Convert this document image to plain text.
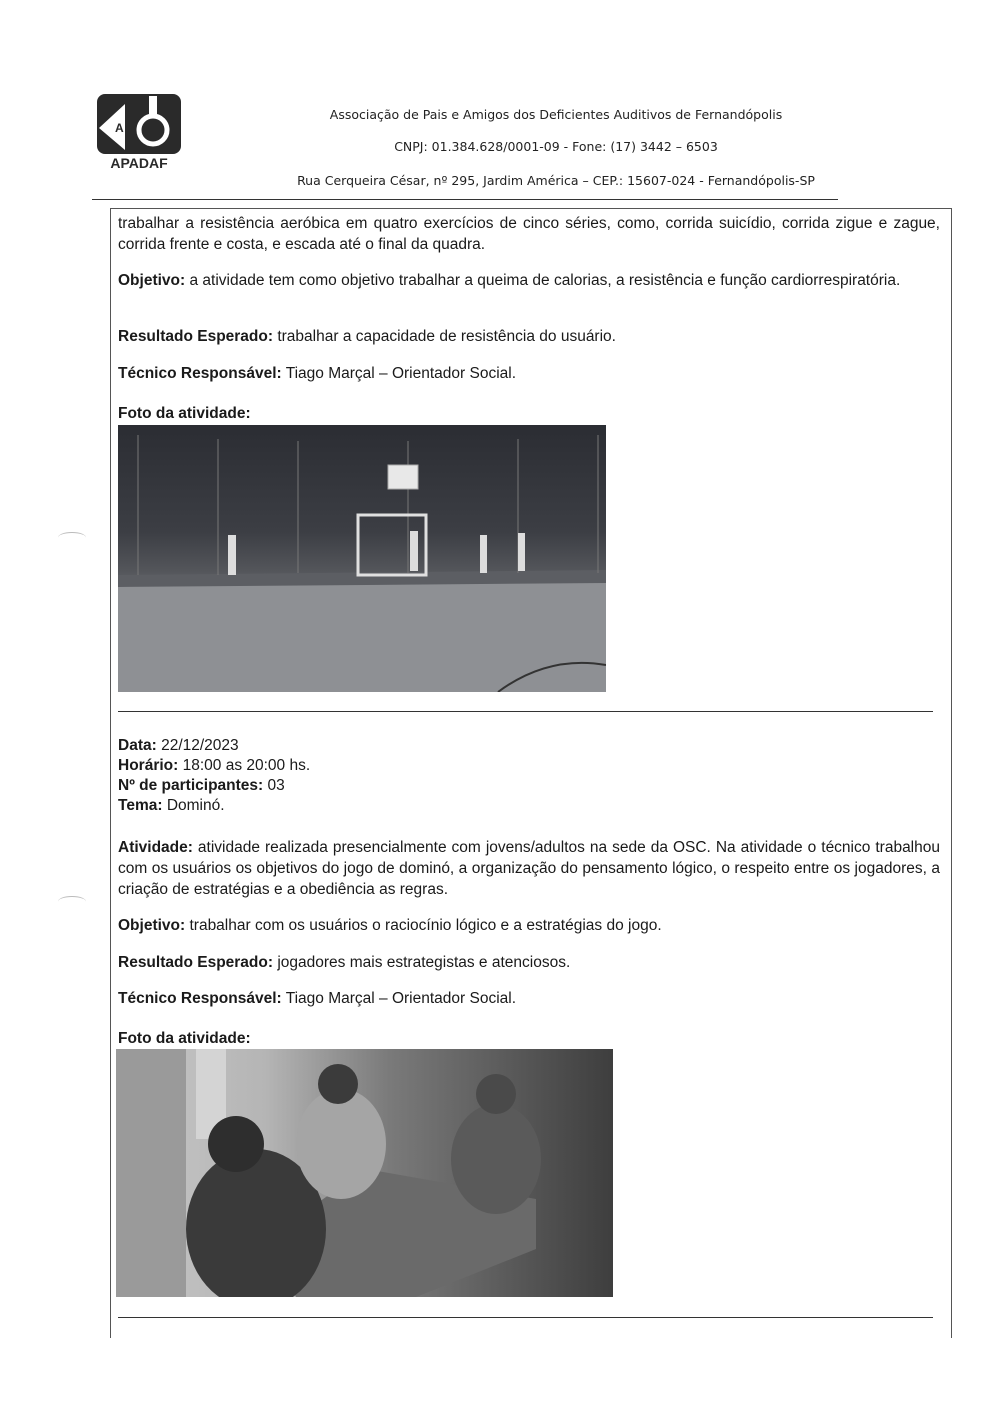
A
APADAF
Associação de Pais e Amigos dos Deficientes Auditivos de Fernandópolis
CNPJ: 01.384.628/0001-09 - Fone: (17) 3442 – 6503
Rua Cerqueira César, nº 295, Jardim América – CEP.: 15607-024 - Fernandópolis-SP
trabalhar a resistência aeróbica em quatro exercícios de cinco séries, como, corrida suicídio, corrida zigue e zague, corrida frente e costa, e escada até o final da quadra.
Objetivo: a atividade tem como objetivo trabalhar a queima de calorias, a resistência e função cardiorrespiratória.
Resultado Esperado: trabalhar a capacidade de resistência do usuário.
Técnico Responsável: Tiago Marçal – Orientador Social.
Foto da atividade:
Data: 22/12/2023
Horário: 18:00 as 20:00 hs.
Nº de participantes: 03
Tema: Dominó.
Atividade: atividade realizada presencialmente com jovens/adultos na sede da OSC. Na atividade o técnico trabalhou com os usuários os objetivos do jogo de dominó, a organização do pensamento lógico, o respeito entre os jogadores, a criação de estratégias e a obediência as regras.
Objetivo: trabalhar com os usuários o raciocínio lógico e a estratégias do jogo.
Resultado Esperado: jogadores mais estrategistas e atenciosos.
Técnico Responsável: Tiago Marçal – Orientador Social.
Foto da atividade:
